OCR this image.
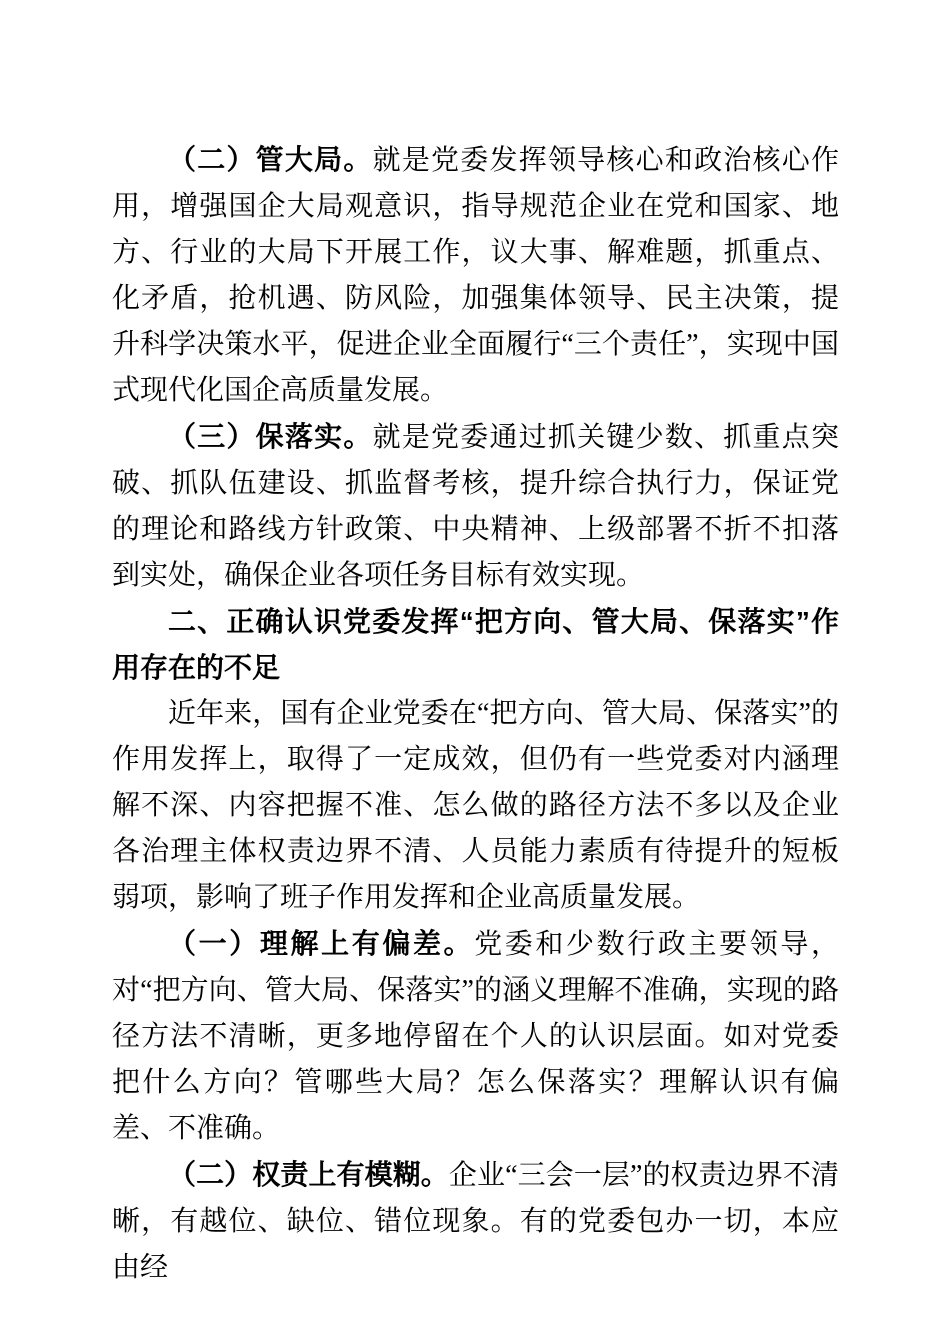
（二）管大局。就是党委发挥领导核心和政治核心作用，增强国企大局观意识，指导规范企业在党和国家、地方、行业的大局下开展工作，议大事、解难题，抓重点、化矛盾，抢机遇、防风险，加强集体领导、民主决策，提升科学决策水平，促进企业全面履行“三个责任”，实现中国式现代化国企高质量发展。

（三）保落实。就是党委通过抓关键少数、抓重点突破、抓队伍建设、抓监督考核，提升综合执行力，保证党的理论和路线方针政策、中央精神、上级部署不折不扣落到实处，确保企业各项任务目标有效实现。

二、正确认识党委发挥“把方向、管大局、保落实”作用存在的不足

近年来，国有企业党委在“把方向、管大局、保落实”的作用发挥上，取得了一定成效，但仍有一些党委对内涵理解不深、内容把握不准、怎么做的路径方法不多以及企业各治理主体权责边界不清、人员能力素质有待提升的短板弱项，影响了班子作用发挥和企业高质量发展。

（一）理解上有偏差。党委和少数行政主要领导，对“把方向、管大局、保落实”的涵义理解不准确，实现的路径方法不清晰，更多地停留在个人的认识层面。如对党委把什么方向？管哪些大局？怎么保落实？理解认识有偏差、不准确。

（二）权责上有模糊。企业“三会一层”的权责边界不清晰，有越位、缺位、错位现象。有的党委包办一切，本应由经
